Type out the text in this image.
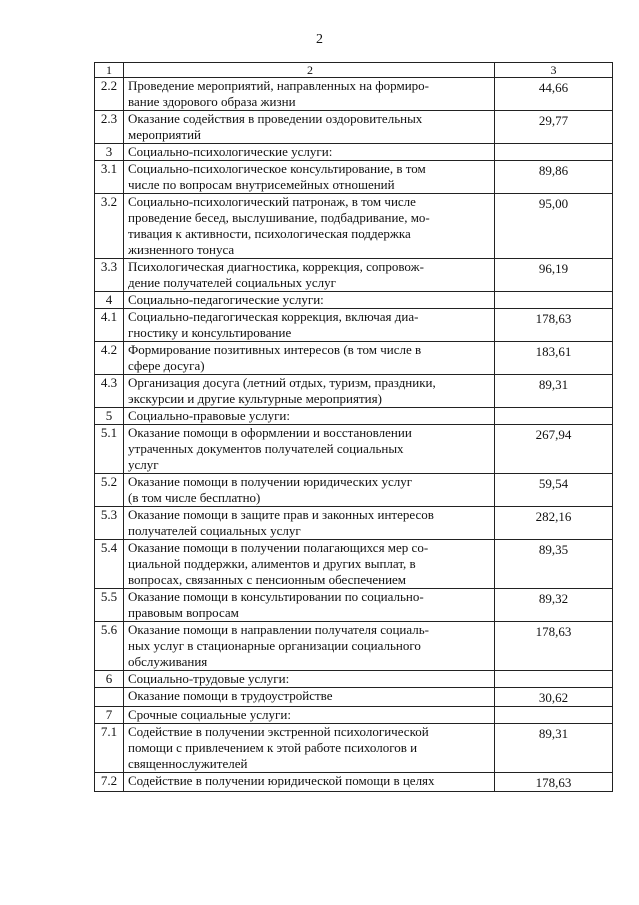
2
1	2	3
2.2	Проведение мероприятий, направленных на формиро-
вание здорового образа жизни	44,66
2.3	Оказание содействия в проведении оздоровительных
мероприятий	29,77
3	Социально-психологические услуги:	

3.1	Социально-психологическое консультирование, в том
числе по вопросам внутрисемейных отношений	89,86
3.2	Социально-психологический патронаж, в том числе
проведение бесед, выслушивание, подбадривание, мо-
тивация к активности, психологическая поддержка
жизненного тонуса	95,00
3.3	Психологическая диагностика, коррекция, сопровож-
дение получателей социальных услуг	96,19
4	Социально-педагогические услуги:	

4.1	Социально-педагогическая коррекция, включая диа-
гностику и консультирование	178,63
4.2	Формирование позитивных интересов (в том числе в
сфере досуга)	183,61
4.3	Организация досуга (летний отдых, туризм, праздники,
экскурсии и другие культурные мероприятия)	89,31
5	Социально-правовые услуги:	

5.1	Оказание помощи в оформлении и восстановлении
утраченных документов получателей социальных
услуг	267,94
5.2	Оказание помощи в получении юридических услуг
(в том числе бесплатно)	59,54
5.3	Оказание помощи в защите прав и законных интересов
получателей социальных услуг	282,16
5.4	Оказание помощи в получении полагающихся мер со-
циальной поддержки, алиментов и других выплат, в
вопросах, связанных с пенсионным обеспечением	89,35
5.5	Оказание помощи в консультировании по социально-
правовым вопросам	89,32
5.6	Оказание помощи в направлении получателя социаль-
ных услуг в стационарные организации социального
обслуживания	178,63
6	Социально-трудовые услуги:	

	Оказание помощи в трудоустройстве	30,62
7	Срочные социальные услуги:	

7.1	Содействие в получении экстренной психологической
помощи с привлечением к этой работе психологов и
священнослужителей	89,31
7.2	Содействие в получении юридической помощи в целях	178,63
